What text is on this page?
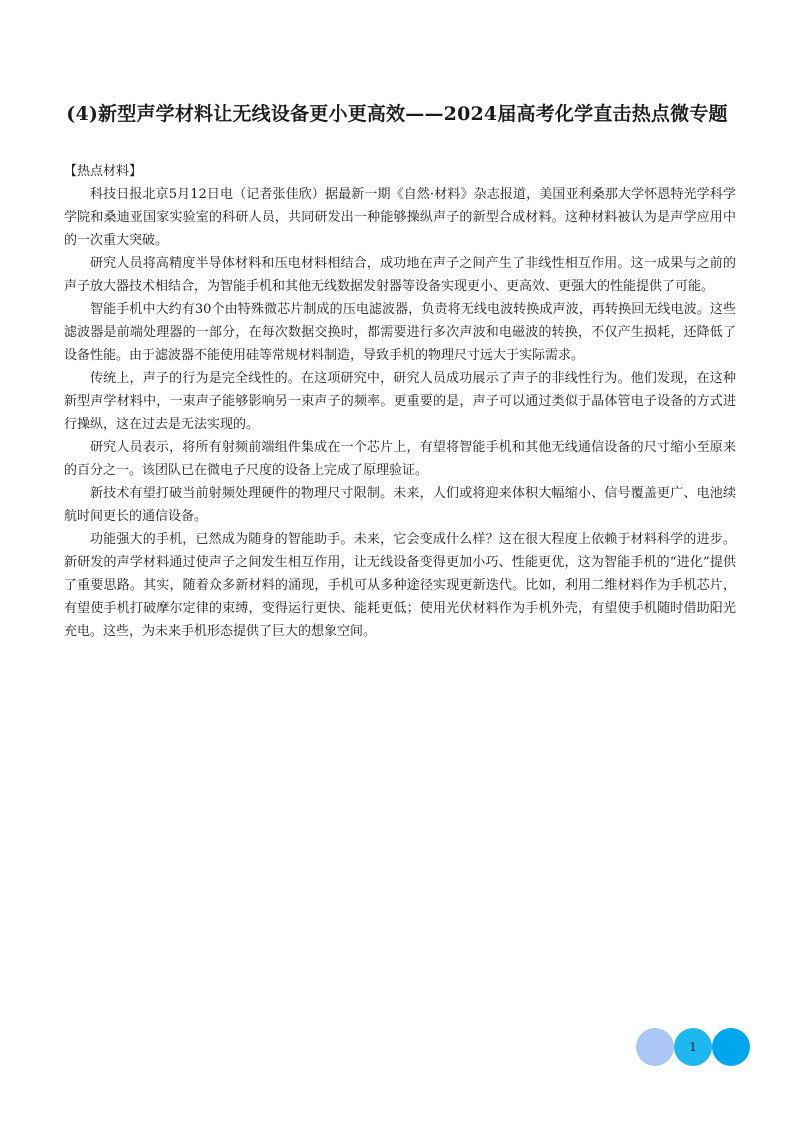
(4)新型声学材料让无线设备更小更高效——2024届高考化学直击热点微专题
【热点材料】

科技日报北京5月12日电（记者张佳欣）据最新一期《自然·材料》杂志报道，美国亚利桑那大学怀恩特光学科学学院和桑迪亚国家实验室的科研人员，共同研发出一种能够操纵声子的新型合成材料。这种材料被认为是声学应用中的一次重大突破。

研究人员将高精度半导体材料和压电材料相结合，成功地在声子之间产生了非线性相互作用。这一成果与之前的声子放大器技术相结合，为智能手机和其他无线数据发射器等设备实现更小、更高效、更强大的性能提供了可能。

智能手机中大约有30个由特殊微芯片制成的压电滤波器，负责将无线电波转换成声波，再转换回无线电波。这些滤波器是前端处理器的一部分，在每次数据交换时，都需要进行多次声波和电磁波的转换，不仅产生损耗，还降低了设备性能。由于滤波器不能使用硅等常规材料制造，导致手机的物理尺寸远大于实际需求。

传统上，声子的行为是完全线性的。在这项研究中，研究人员成功展示了声子的非线性行为。他们发现，在这种新型声学材料中，一束声子能够影响另一束声子的频率。更重要的是，声子可以通过类似于晶体管电子设备的方式进行操纵，这在过去是无法实现的。

研究人员表示，将所有射频前端组件集成在一个芯片上，有望将智能手机和其他无线通信设备的尺寸缩小至原来的百分之一。该团队已在微电子尺度的设备上完成了原理验证。

新技术有望打破当前射频处理硬件的物理尺寸限制。未来，人们或将迎来体积大幅缩小、信号覆盖更广、电池续航时间更长的通信设备。

功能强大的手机，已然成为随身的智能助手。未来，它会变成什么样？这在很大程度上依赖于材料科学的进步。新研发的声学材料通过使声子之间发生相互作用，让无线设备变得更加小巧、性能更优，这为智能手机的“进化”提供了重要思路。其实，随着众多新材料的涌现，手机可从多种途径实现更新迭代。比如，利用二维材料作为手机芯片，有望使手机打破摩尔定律的束缚，变得运行更快、能耗更低；使用光伏材料作为手机外壳，有望使手机随时借助阳光充电。这些，为未来手机形态提供了巨大的想象空间。

1
